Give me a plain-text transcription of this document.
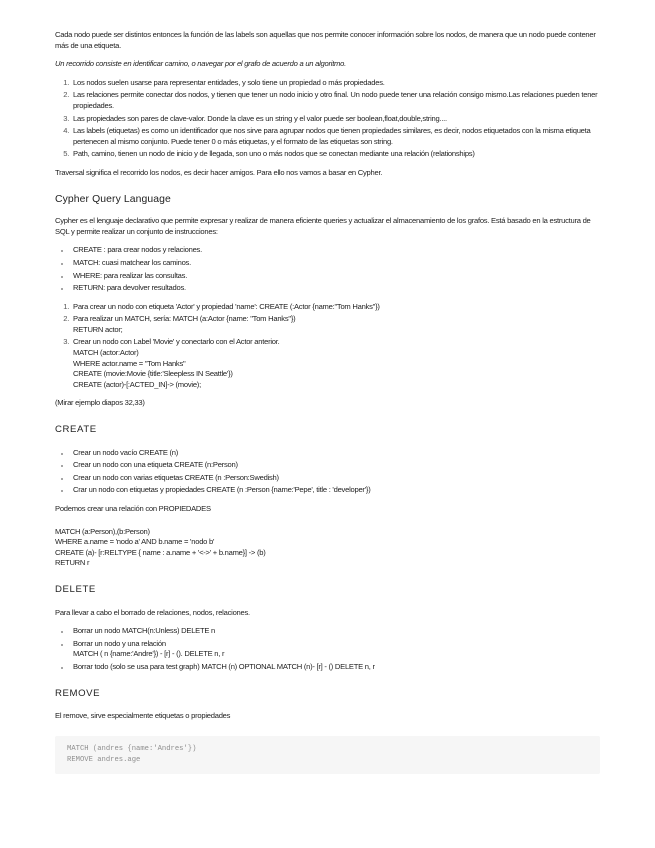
Cada nodo puede ser distintos entonces la función de las labels son aquellas que nos permite conocer información sobre los nodos, de manera que un nodo puede contener más de una etiqueta.

Un recorrido consiste en identificar camino, o navegar por el grafo de acuerdo a un algoritmo.

1. Los nodos suelen usarse para representar entidades, y solo tiene un propiedad o más propiedades.
2. Las relaciones permite conectar dos nodos, y tienen que tener un nodo inicio y otro final. Un nodo puede tener una relación consigo mismo.Las relaciones pueden tener propiedades.
3. Las propiedades son pares de clave-valor. Donde la clave es un string y el valor puede ser boolean,float,double,string....
4. Las labels (etiquetas) es como un identificador que nos sirve para agrupar nodos que tienen propiedades similares, es decir, nodos etiquetados con la misma etiqueta pertenecen al mismo conjunto. Puede tener 0 o más etiquetas, y el formato de las etiquetas son string.
5. Path, camino, tienen un nodo de inicio y de llegada, son uno o más nodos que se conectan mediante una relación (relationships)

Traversal significa el recorrido los nodos, es decir hacer amigos. Para ello nos vamos a basar en Cypher.

Cypher Query Language

Cypher es el lenguaje declarativo que permite expresar y realizar de manera eficiente queries y actualizar el almacenamiento de los grafos. Está basado en la estructura de SQL y permite realizar un conjunto de instrucciones:

• CREATE : para crear nodos y relaciones.
• MATCH: cuasi matchear los caminos.
• WHERE: para realizar las consultas.
• RETURN: para devolver resultados.
1. Para crear un nodo con etiqueta 'Actor' y propiedad 'name': CREATE (:Actor {name:"Tom Hanks"})
2. Para realizar un MATCH, sería: MATCH (a:Actor {name: "Tom Hanks"})
RETURN actor;
3. Crear un nodo con Label 'Movie' y conectarlo con el Actor anterior.
MATCH (actor:Actor)
WHERE actor.name = "Tom Hanks"
CREATE (movie:Movie {title:'Sleepless IN Seattle'})
CREATE (actor)-[:ACTED_IN]-> (movie);

(Mirar ejemplo diapos 32,33)

CREATE
• Crear un nodo vacío CREATE (n)
• Crear un nodo con una etiqueta CREATE (n:Person)
• Crear un nodo con varias etiquetas CREATE (n :Person:Swedish)
• Crar un nodo con etiquetas y propiedades CREATE (n :Person {name:'Pepe', title : 'developer'})

Podemos crear una relación con PROPIEDADES

MATCH (a:Person),(b:Person)
WHERE a.name = 'nodo a' AND b.name = 'nodo b'
CREATE (a)- [r:RELTYPE { name : a.name + '<->' + b.name}] -> (b)
RETURN r
DELETE

Para llevar a cabo el borrado de relaciones, nodos, relaciones.

• Borrar un nodo MATCH(n:Unless) DELETE n
• Borrar un nodo y una relación
MATCH ( n {name:'Andre'}) - [r] - (). DELETE n, r
• Borrar todo (solo se usa para test graph) MATCH (n) OPTIONAL MATCH (n)- [r] - () DELETE n, r
REMOVE

El remove, sirve especialmente etiquetas o propiedades

MATCH (andres {name:'Andres'})
REMOVE andres.age
